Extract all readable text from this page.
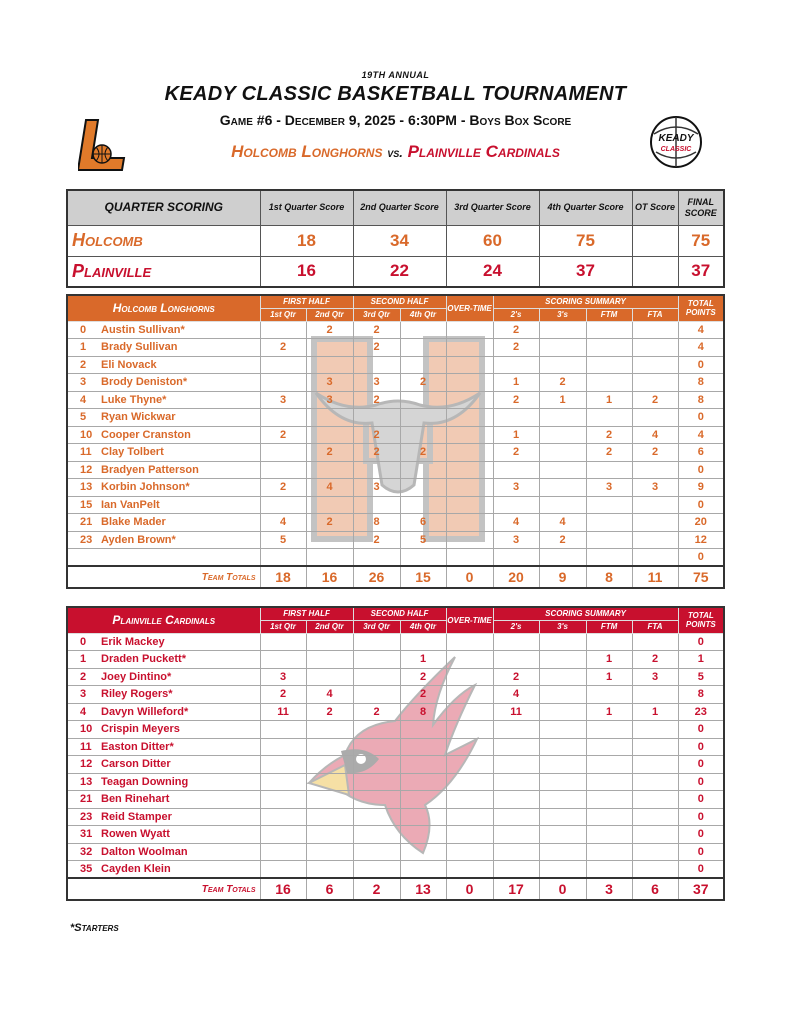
19TH ANNUAL
KEADY CLASSIC BASKETBALL TOURNAMENT
Game #6 - December 9, 2025 - 6:30PM - Boys Box Score
Holcomb Longhorns vs. Plainville Cardinals
KEADY
CLASSIC
QUARTER SCORING	1st Quarter Score	2nd Quarter Score	3rd Quarter Score	4th Quarter Score	OT Score	FINAL SCORE
Holcomb	18	34	60	75		75
Plainville	16	22	24	37		37
Holcomb Longhorns		FIRST HALF		SECOND HALF		OVER-TIME	SCORING SUMMARY				TOTAL POINTS
		1st Qtr	2nd Qtr	3rd Qtr	4th Qtr		2's	3's	FTM	FTA	
0	Austin Sullivan*		2	2			2				4
1	Brady Sullivan	2		2			2				4
2	Eli Novack										0
3	Brody Deniston*		3	3	2		1	2			8
4	Luke Thyne*	3	3	2			2	1	1	2	8
5	Ryan Wickwar										0
10	Cooper Cranston	2		2			1		2	4	4
11	Clay Tolbert		2	2	2		2		2	2	6
12	Bradyen Patterson										0
13	Korbin Johnson*	2	4	3			3		3	3	9
15	Ian VanPelt										0
21	Blake Mader	4	2	8	6		4	4			20
23	Ayden Brown*	5		2	5		3	2			12
											0
Team Totals		18	16	26	15	0	20	9	8	11	75
Plainville Cardinals		FIRST HALF		SECOND HALF		OVER-TIME	SCORING SUMMARY				TOTAL POINTS
		1st Qtr	2nd Qtr	3rd Qtr	4th Qtr		2's	3's	FTM	FTA	
0	Erik Mackey										0
1	Draden Puckett*				1				1	2	1
2	Joey Dintino*	3			2		2		1	3	5
3	Riley Rogers*	2	4		2		4				8
4	Davyn Willeford*	11	2	2	8		11		1	1	23
10	Crispin Meyers										0
11	Easton Ditter*										0
12	Carson Ditter										0
13	Teagan Downing										0
21	Ben Rinehart										0
23	Reid Stamper										0
31	Rowen Wyatt										0
32	Dalton Woolman										0
35	Cayden Klein										0
Team Totals		16	6	2	13	0	17	0	3	6	37
*Starters
